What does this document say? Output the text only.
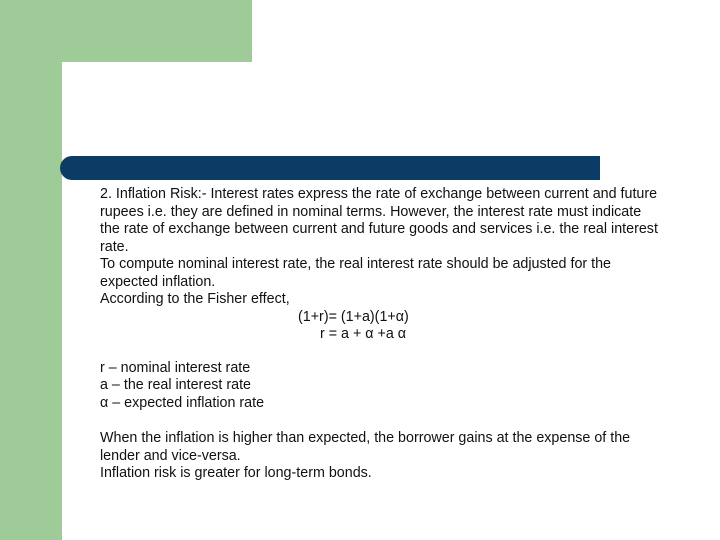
2. Inflation Risk:- Interest rates express the rate of exchange between current and future rupees i.e. they are defined in nominal terms. However, the interest rate must indicate the rate of exchange between current and future goods and services i.e. the real interest rate.

To compute nominal interest rate, the real interest rate should be adjusted for the expected inflation.

According to the Fisher effect,

(1+r)= (1+a)(1+α)

r = a + α +a α

r – nominal interest rate

a – the real interest rate

α – expected inflation rate

When the inflation is higher than expected, the borrower gains at the expense of the lender and vice-versa.

Inflation risk is greater for long-term bonds.
